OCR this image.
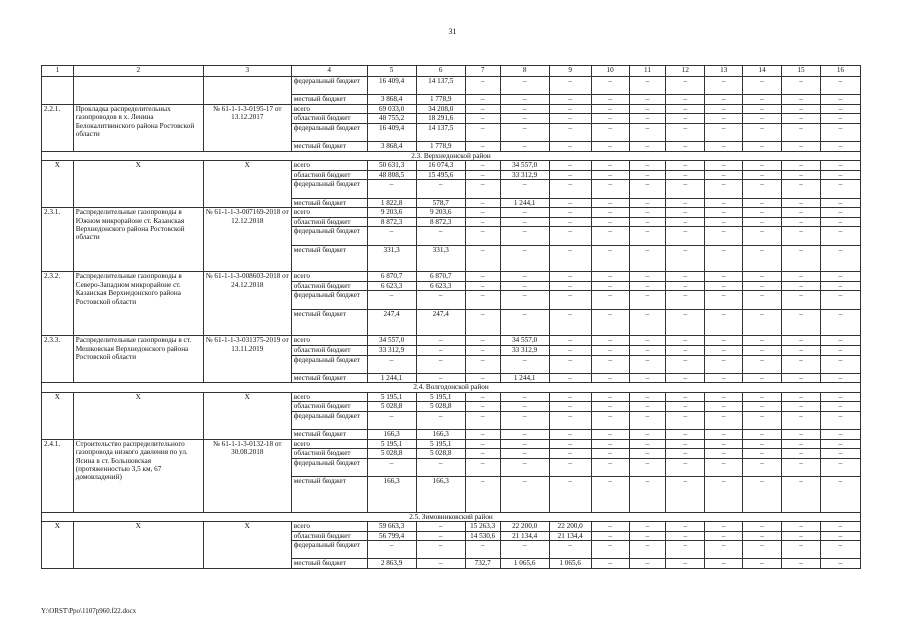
31
1	2	3	4	5	6	7	8	9	10	11	12	13	14	15	16
			федеральный бюджет	16 409,4	14 137,5	–	–	–	–	–	–	–	–	–	–
			местный бюджет	3 868,4	1 778,9	–	–	–	–	–	–	–	–	–	–
2.2.1.	Прокладка распределительных газопроводов в х. Ленина Белокалитвинского района Ростовской области	№ 61-1-1-3-0195-17 от 13.12.2017	всего	69 033,0	34 208,0	–	–	–	–	–	–	–	–	–	–
			областной бюджет	48 755,2	18 291,6	–	–	–	–	–	–	–	–	–	–
			федеральный бюджет	16 409,4	14 137,5	–	–	–	–	–	–	–	–	–	–
			местный бюджет	3 868,4	1 778,9	–	–	–	–	–	–	–	–	–	–
2.3. Верхнедонской район															
Х	Х	Х	всего	50 631,3	16 074,3	–	34 557,0	–	–	–	–	–	–	–	–
			областной бюджет	48 808,5	15 495,6	–	33 312,9	–	–	–	–	–	–	–	–
			федеральный бюджет	–	–	–	–	–	–	–	–	–	–	–	–
			местный бюджет	1 822,8	578,7	–	1 244,1	–	–	–	–	–	–	–	–
2.3.1.	Распределительные газопроводы в Южном микрорайоне ст. Казанская Верхнедонского района Ростовской области	№ 61-1-1-3-007169-2018 от 12.12.2018	всего	9 203,6	9 203,6	–	–	–	–	–	–	–	–	–	–
			областной бюджет	8 872,3	8 872,3	–	–	–	–	–	–	–	–	–	–
			федеральный бюджет	–	–	–	–	–	–	–	–	–	–	–	–
			местный бюджет	331,3	331,3	–	–	–	–	–	–	–	–	–	–
2.3.2.	Распределительные газопроводы в Северо-Западном микрорайоне ст. Казанская Верхнедонского района Ростовской области	№ 61-1-1-3-008603-2018 от 24.12.2018	всего	6 870,7	6 870,7	–	–	–	–	–	–	–	–	–	–
			областной бюджет	6 623,3	6 623,3	–	–	–	–	–	–	–	–	–	–
			федеральный бюджет	–	–	–	–	–	–	–	–	–	–	–	–
			местный бюджет	247,4	247,4	–	–	–	–	–	–	–	–	–	–
2.3.3.	Распределительные газопроводы в ст. Мешковская Верхнедонского района Ростовской области	№ 61-1-1-3-031375-2019 от 13.11.2019	всего	34 557,0	–	–	34 557,0	–	–	–	–	–	–	–	–
			областной бюджет	33 312,9	–	–	33 312,9	–	–	–	–	–	–	–	–
			федеральный бюджет	–	–	–	–	–	–	–	–	–	–	–	–
			местный бюджет	1 244,1	–	–	1 244,1	–	–	–	–	–	–	–	–
2.4. Волгодонской район															
Х	Х	Х	всего	5 195,1	5 195,1	–	–	–	–	–	–	–	–	–	–
			областной бюджет	5 028,8	5 028,8	–	–	–	–	–	–	–	–	–	–
			федеральный бюджет	–	–	–	–	–	–	–	–	–	–	–	–
			местный бюджет	166,3	166,3	–	–	–	–	–	–	–	–	–	–
2.4.1.	Строительство распределительного газопровода низкого давления по ул. Ясина в ст. Большовская (протяженностью 3,5 км, 67 домовладений)	№ 61-1-1-3-0132-18 от 30.08.2018	всего	5 195,1	5 195,1	–	–	–	–	–	–	–	–	–	–
			областной бюджет	5 028,8	5 028,8	–	–	–	–	–	–	–	–	–	–
			федеральный бюджет	–	–	–	–	–	–	–	–	–	–	–	–
			местный бюджет	166,3	166,3	–	–	–	–	–	–	–	–	–	–
2.5. Зимовниковский район															
Х	Х	Х	всего	59 663,3	–	15 263,3	22 200,0	22 200,0	–	–	–	–	–	–	–
			областной бюджет	56 799,4	–	14 530,6	21 134,4	21 134,4	–	–	–	–	–	–	–
			федеральный бюджет	–	–	–	–	–	–	–	–	–	–	–	–
			местный бюджет	2 863,9	–	732,7	1 065,6	1 065,6	–	–	–	–	–	–	–
Y:\ORST\Ppo\1107p960.f22.docx
